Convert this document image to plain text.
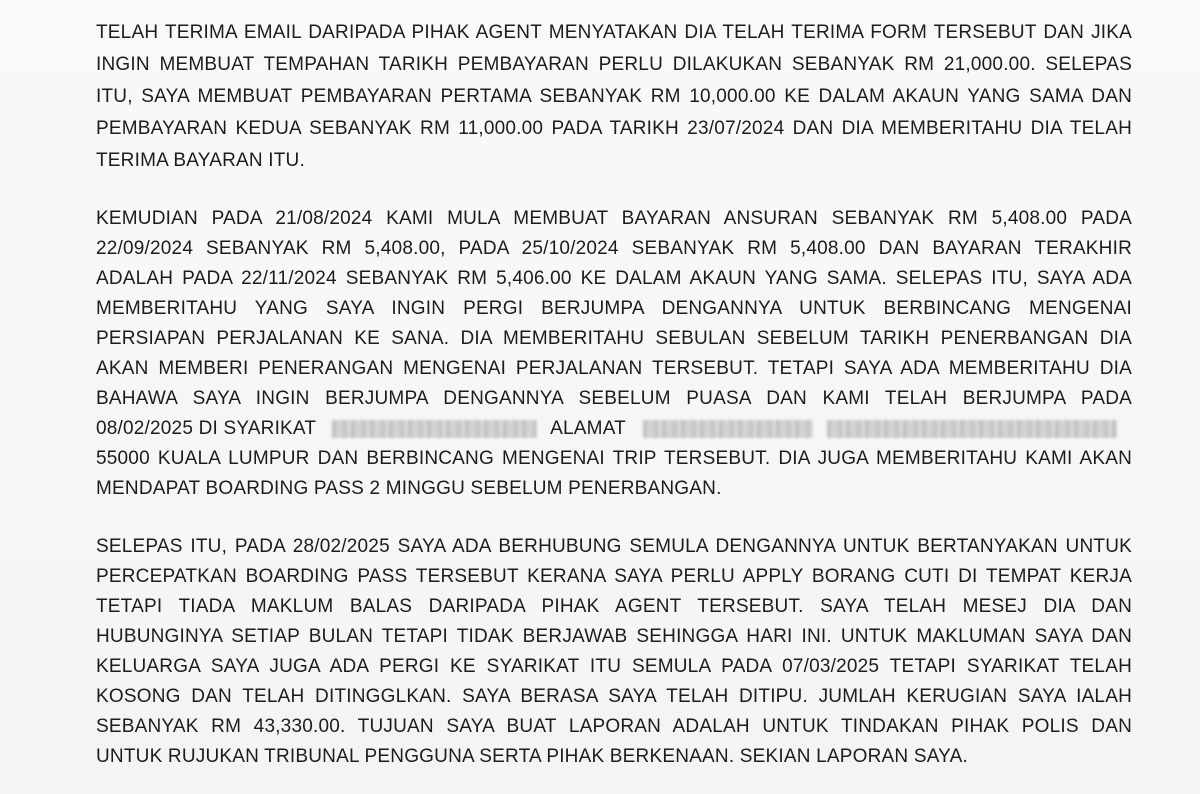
TELAH TERIMA EMAIL DARIPADA PIHAK AGENT MENYATAKAN DIA TELAH TERIMA FORM TERSEBUT DAN JIKA
INGIN MEMBUAT TEMPAHAN TARIKH PEMBAYARAN PERLU DILAKUKAN SEBANYAK RM 21,000.00. SELEPAS
ITU, SAYA MEMBUAT PEMBAYARAN PERTAMA SEBANYAK RM 10,000.00 KE DALAM AKAUN YANG SAMA DAN
PEMBAYARAN KEDUA SEBANYAK RM 11,000.00 PADA TARIKH 23/07/2024 DAN DIA MEMBERITAHU DIA TELAH
TERIMA BAYARAN ITU.
KEMUDIAN PADA 21/08/2024 KAMI MULA MEMBUAT BAYARAN ANSURAN SEBANYAK RM 5,408.00 PADA
22/09/2024 SEBANYAK RM 5,408.00, PADA 25/10/2024 SEBANYAK RM 5,408.00 DAN BAYARAN TERAKHIR
ADALAH PADA 22/11/2024 SEBANYAK RM 5,406.00 KE DALAM AKAUN YANG SAMA. SELEPAS ITU, SAYA ADA
MEMBERITAHU YANG SAYA INGIN PERGI BERJUMPA DENGANNYA UNTUK BERBINCANG MENGENAI
PERSIAPAN PERJALANAN KE SANA. DIA MEMBERITAHU SEBULAN SEBELUM TARIKH PENERBANGAN DIA
AKAN MEMBERI PENERANGAN MENGENAI PERJALANAN TERSEBUT. TETAPI SAYA ADA MEMBERITAHU DIA
BAHAWA SAYA INGIN BERJUMPA DENGANNYA SEBELUM PUASA DAN KAMI TELAH BERJUMPA PADA
08/02/2025 DI SYARIKAT	ALAMAT
55000 KUALA LUMPUR DAN BERBINCANG MENGENAI TRIP TERSEBUT. DIA JUGA MEMBERITAHU KAMI AKAN
MENDAPAT BOARDING PASS 2 MINGGU SEBELUM PENERBANGAN.
SELEPAS ITU, PADA 28/02/2025 SAYA ADA BERHUBUNG SEMULA DENGANNYA UNTUK BERTANYAKAN UNTUK
PERCEPATKAN BOARDING PASS TERSEBUT KERANA SAYA PERLU APPLY BORANG CUTI DI TEMPAT KERJA
TETAPI TIADA MAKLUM BALAS DARIPADA PIHAK AGENT TERSEBUT. SAYA TELAH MESEJ DIA DAN
HUBUNGINYA SETIAP BULAN TETAPI TIDAK BERJAWAB SEHINGGA HARI INI. UNTUK MAKLUMAN SAYA DAN
KELUARGA SAYA JUGA ADA PERGI KE SYARIKAT ITU SEMULA PADA 07/03/2025 TETAPI SYARIKAT TELAH
KOSONG DAN TELAH DITINGGLKAN. SAYA BERASA SAYA TELAH DITIPU. JUMLAH KERUGIAN SAYA IALAH
SEBANYAK RM 43,330.00. TUJUAN SAYA BUAT LAPORAN ADALAH UNTUK TINDAKAN PIHAK POLIS DAN
UNTUK RUJUKAN TRIBUNAL PENGGUNA SERTA PIHAK BERKENAAN. SEKIAN LAPORAN SAYA.
